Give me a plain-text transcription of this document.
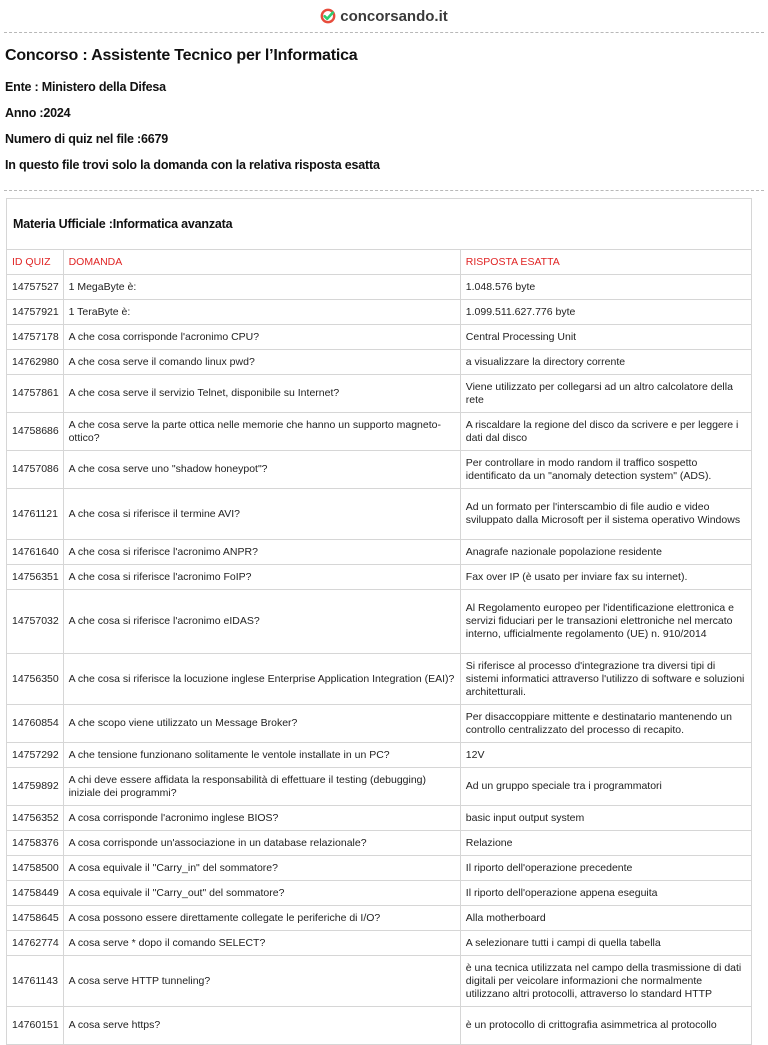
concorsando.it
Concorso : Assistente Tecnico per l’Informatica
Ente : Ministero della Difesa
Anno :2024
Numero di quiz nel file :6679
In questo file trovi solo la domanda con la relativa risposta esatta
Materia Ufficiale :Informatica avanzata
ID QUIZ	DOMANDA	RISPOSTA ESATTA
14757527	1 MegaByte è:	1.048.576 byte
14757921	1 TeraByte è:	1.099.511.627.776 byte
14757178	A che cosa corrisponde l'acronimo CPU?	Central Processing Unit
14762980	A che cosa serve il comando linux pwd?	a visualizzare la directory corrente
14757861	A che cosa serve il servizio Telnet, disponibile su Internet?	Viene utilizzato per collegarsi ad un altro calcolatore della rete
14758686	A che cosa serve la parte ottica nelle memorie che hanno un supporto magneto-ottico?	A riscaldare la regione del disco da scrivere e per leggere i dati dal disco
14757086	A che cosa serve uno "shadow honeypot"?	Per controllare in modo random il traffico sospetto identificato da un "anomaly detection system" (ADS).
14761121	A che cosa si riferisce il termine AVI?	Ad un formato per l'interscambio di file audio e video sviluppato dalla Microsoft per il sistema operativo Windows
14761640	A che cosa si riferisce l'acronimo ANPR?	Anagrafe nazionale popolazione residente
14756351	A che cosa si riferisce l'acronimo FoIP?	Fax over IP (è usato per inviare fax su internet).
14757032	A che cosa si riferisce l'acronimo eIDAS?	Al Regolamento europeo per l'identificazione elettronica e servizi fiduciari per le transazioni elettroniche nel mercato interno, ufficialmente regolamento (UE) n. 910/2014
14756350	A che cosa si riferisce la locuzione inglese Enterprise Application Integration (EAI)?	Si riferisce al processo d'integrazione tra diversi tipi di sistemi informatici attraverso l'utilizzo di software e soluzioni architetturali.
14760854	A che scopo viene utilizzato un Message Broker?	Per disaccoppiare mittente e destinatario mantenendo un controllo centralizzato del processo di recapito.
14757292	A che tensione funzionano solitamente le ventole installate in un PC?	12V
14759892	A chi deve essere affidata la responsabilità di effettuare il testing (debugging) iniziale dei programmi?	Ad un gruppo speciale tra i programmatori
14756352	A cosa corrisponde l'acronimo inglese BIOS?	basic input output system
14758376	A cosa corrisponde un'associazione in un database relazionale?	Relazione
14758500	A cosa equivale il "Carry_in" del sommatore?	Il riporto dell'operazione precedente
14758449	A cosa equivale il "Carry_out" del sommatore?	Il riporto dell'operazione appena eseguita
14758645	A cosa possono essere direttamente collegate le periferiche di I/O?	Alla motherboard
14762774	A cosa serve * dopo il comando SELECT?	A selezionare tutti i campi di quella tabella
14761143	A cosa serve HTTP tunneling?	è una tecnica utilizzata nel campo della trasmissione di dati digitali per veicolare informazioni che normalmente utilizzano altri protocolli, attraverso lo standard HTTP
14760151	A cosa serve https?	è un protocollo di crittografia asimmetrica al protocollo
